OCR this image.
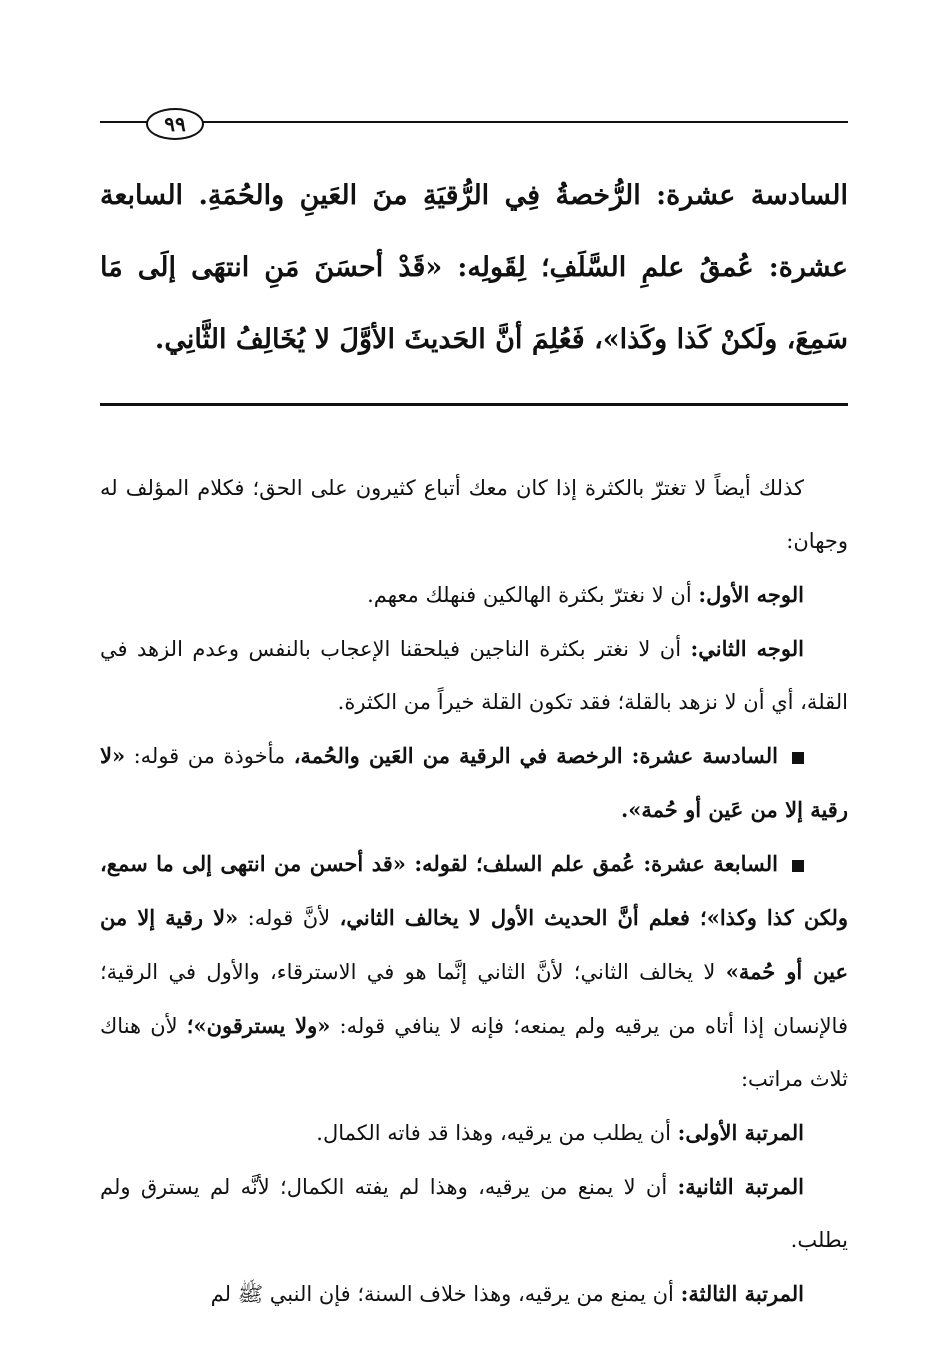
٩٩
السادسة عشرة: الرُّخصةُ فِي الرُّقيَةِ منَ العَينِ والحُمَةِ. السابعة عشرة: عُمقُ علمِ السَّلَفِ؛ لِقَولِه: «قَدْ أحسَنَ مَنِ انتهَى إلَى مَا سَمِعَ، ولَكنْ كَذا وكَذا»، فَعُلِمَ أنَّ الحَديثَ الأوَّلَ لا يُخَالِفُ الثَّانِي.

كذلك أيضاً لا تغترّ بالكثرة إذا كان معك أتباع كثيرون على الحق؛ فكلام المؤلف له وجهان:

الوجه الأول: أن لا نغترّ بكثرة الهالكين فنهلك معهم.

الوجه الثاني: أن لا نغتر بكثرة الناجين فيلحقنا الإعجاب بالنفس وعدم الزهد في القلة، أي أن لا نزهد بالقلة؛ فقد تكون القلة خيراً من الكثرة.

السادسة عشرة: الرخصة في الرقية من العَين والحُمة، مأخوذة من قوله: «لا رقية إلا من عَين أو حُمة».

السابعة عشرة: عُمق علم السلف؛ لقوله: «قد أحسن من انتهى إلى ما سمع، ولكن كذا وكذا»؛ فعلم أنَّ الحديث الأول لا يخالف الثاني، لأنَّ قوله: «لا رقية إلا من عين أو حُمة» لا يخالف الثاني؛ لأنَّ الثاني إنَّما هو في الاسترقاء، والأول في الرقية؛ فالإنسان إذا أتاه من يرقيه ولم يمنعه؛ فإنه لا ينافي قوله: «ولا يسترقون»؛ لأن هناك ثلاث مراتب:

المرتبة الأولى: أن يطلب من يرقيه، وهذا قد فاته الكمال.

المرتبة الثانية: أن لا يمنع من يرقيه، وهذا لم يفته الكمال؛ لأنَّه لم يسترق ولم يطلب.

المرتبة الثالثة: أن يمنع من يرقيه، وهذا خلاف السنة؛ فإن النبي ﷺ لم
